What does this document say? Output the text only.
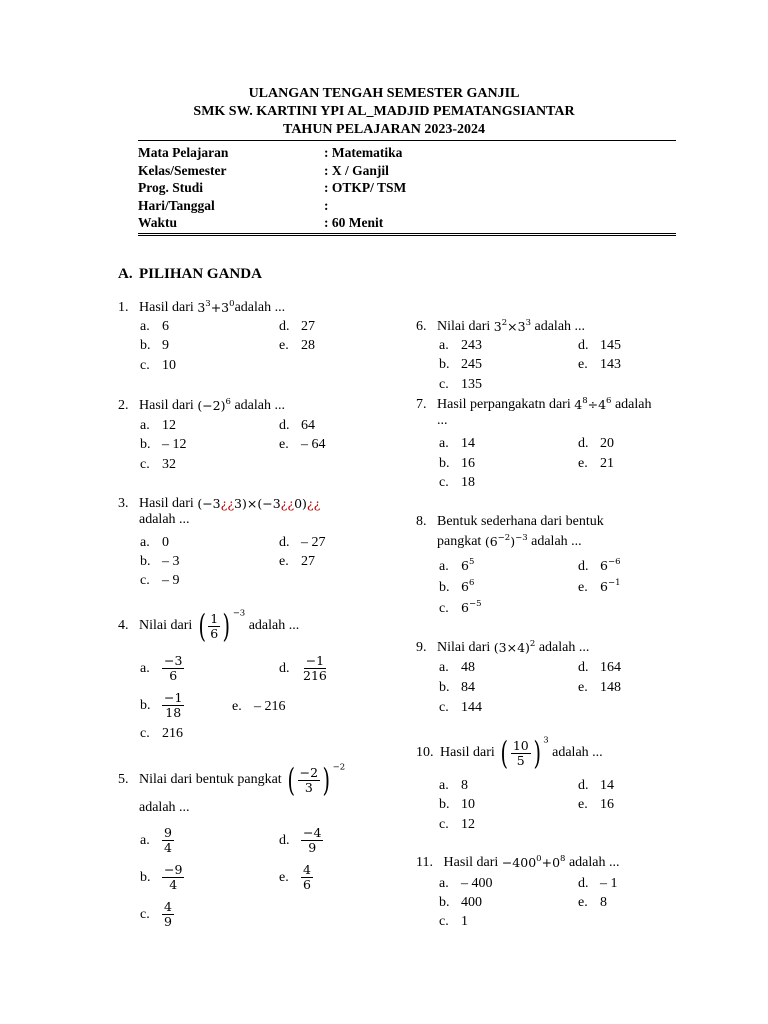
ULANGAN TENGAH SEMESTER GANJIL
SMK SW. KARTINI YPI AL_MADJID PEMATANGSIANTAR
TAHUN PELAJARAN 2023-2024
Mata Pelajaran	: Matematika
Kelas/Semester	: X / Ganjil
Prog. Studi	: OTKP/ TSM
Hari/Tanggal	:
Waktu	: 60 Menit
A. PILIHAN GANDA
1. Hasil dari
$3^3+3^0$ adalah ...
a. 6
b. 9
c. 10
d. 27
e. 28
2. Hasil dari
$(-2)^6$
adalah ...
a. 12
b. – 12
c. 32
d. 64
e. – 64
3. Hasil dari
(−3¿¿3)×(−3¿¿0)¿¿
adalah ...
a. 0
b. – 3
c. – 9
d. – 27
e. 27
4. Nilai dari
( $\frac{1}{6}$ ) $^{-3}$

adalah ...
a. $\frac{-3}{6}$
b. $\frac{-1}{18}$
c. 216
d. $\frac{-1}{216}$
e. – 216
5. Nilai dari bentuk pangkat
( $\frac{-2}{3}$ ) $^{-2}$
adalah ...
a. $\frac{9}{4}$
b. $\frac{-9}{4}$
c. $\frac{4}{9}$
d. $\frac{-4}{9}$
e. $\frac{4}{6}$
6. Nilai dari
$3^2\times 3^3$
adalah ...
a. 243
b. 245
c. 135
d. 145
e. 143
7. Hasil perpangakatn dari
$4^8\div 4^6$
adalah
...
a. 14
b. 16
c. 18
d. 20
e. 21
8. Bentuk sederhana dari bentuk
pangkat
$(6^{-2})^{-3}$
adalah ...
a. $6^5$
b. $6^6$
c. $6^{-5}$
d. $6^{-6}$
e. $6^{-1}$
9. Nilai dari
$(3\times 4)^2$
adalah ...
a. 48
b. 84
c. 144
d. 164
e. 148
10. Hasil dari
( $\frac{10}{5}$ ) $^3$

adalah ...
a. 8
b. 10
c. 12
d. 14
e. 16
11.
Hasil dari
$-400^0+0^8$
adalah ...
a. – 400
b. 400
c. 1
d. – 1
e. 8
